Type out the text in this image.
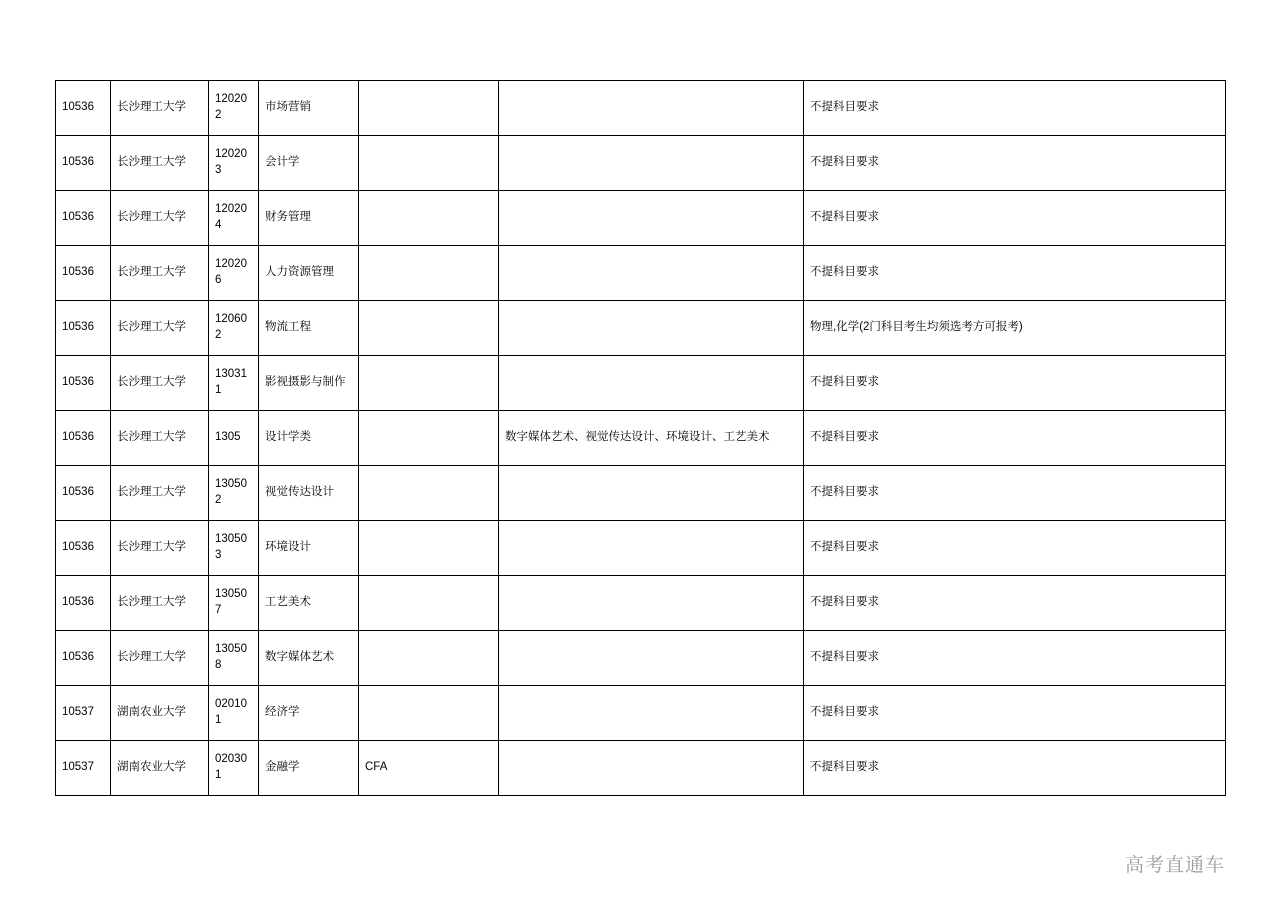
10536	长沙理工大学	120202	市场营销			不提科目要求
10536	长沙理工大学	120203	会计学			不提科目要求
10536	长沙理工大学	120204	财务管理			不提科目要求
10536	长沙理工大学	120206	人力资源管理			不提科目要求
10536	长沙理工大学	120602	物流工程			物理,化学(2门科目考生均须选考方可报考)
10536	长沙理工大学	130311	影视摄影与制作			不提科目要求
10536	长沙理工大学	1305	设计学类		数字媒体艺术、视觉传达设计、环境设计、工艺美术	不提科目要求
10536	长沙理工大学	130502	视觉传达设计			不提科目要求
10536	长沙理工大学	130503	环境设计			不提科目要求
10536	长沙理工大学	130507	工艺美术			不提科目要求
10536	长沙理工大学	130508	数字媒体艺术			不提科目要求
10537	湖南农业大学	020101	经济学			不提科目要求
10537	湖南农业大学	020301	金融学	CFA		不提科目要求
高考直通车
